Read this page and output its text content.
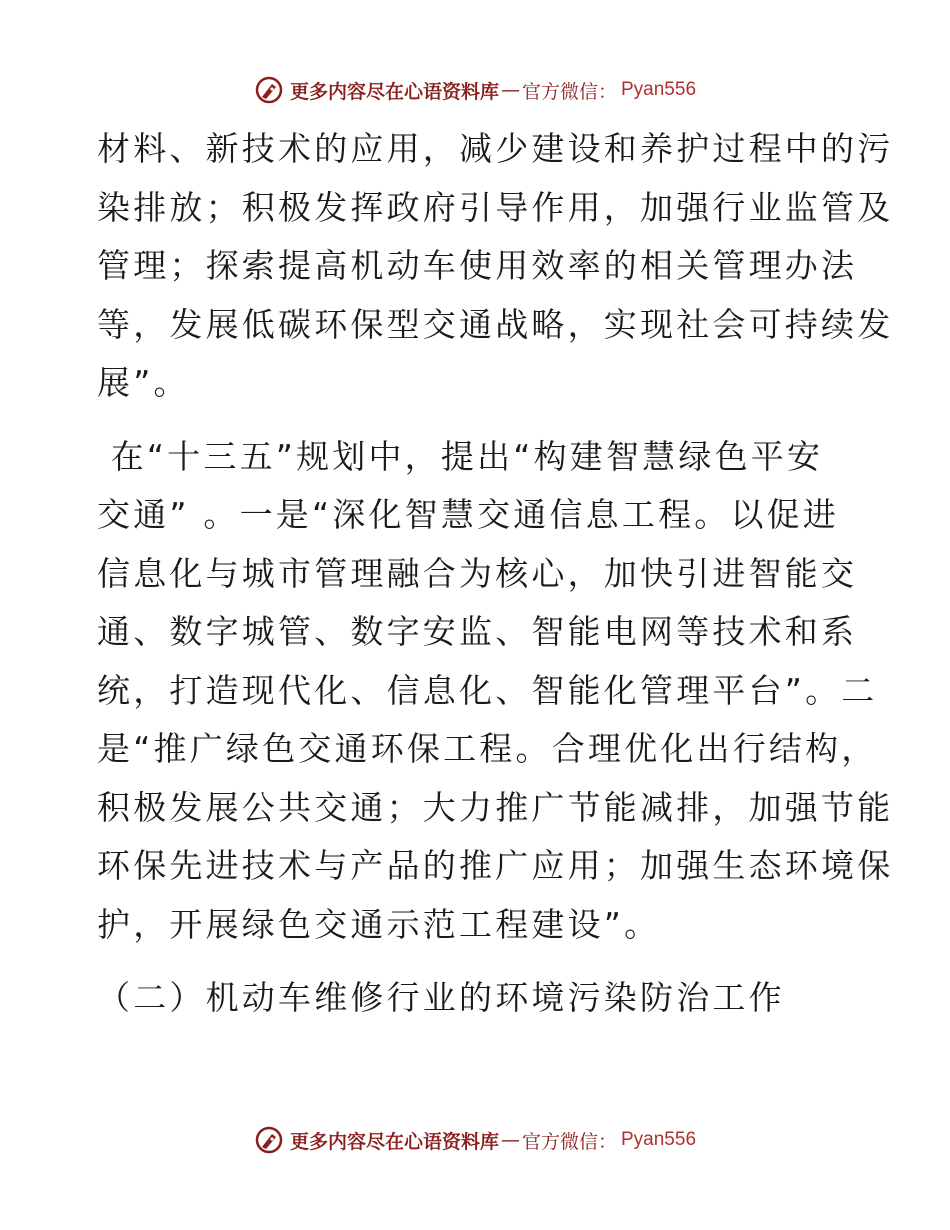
更多内容尽在心语资料库 — 官方微信： Pyan556

材料、新技术的应用，减少建设和养护过程中的污
染排放；积极发挥政府引导作用，加强行业监管及
管理；探索提高机动车使用效率的相关管理办法
等，发展低碳环保型交通战略，实现社会可持续发
展”。

在“十三五”规划中，提出“构建智慧绿色平安
交通” 。一是“深化智慧交通信息工程。以促进
信息化与城市管理融合为核心，加快引进智能交
通、数字城管、数字安监、智能电网等技术和系
统，打造现代化、信息化、智能化管理平台”。二
是“推广绿色交通环保工程。合理优化出行结构，
积极发展公共交通；大力推广节能减排，加强节能
环保先进技术与产品的推广应用；加强生态环境保
护，开展绿色交通示范工程建设”。

（二）机动车维修行业的环境污染防治工作

更多内容尽在心语资料库 — 官方微信： Pyan556
